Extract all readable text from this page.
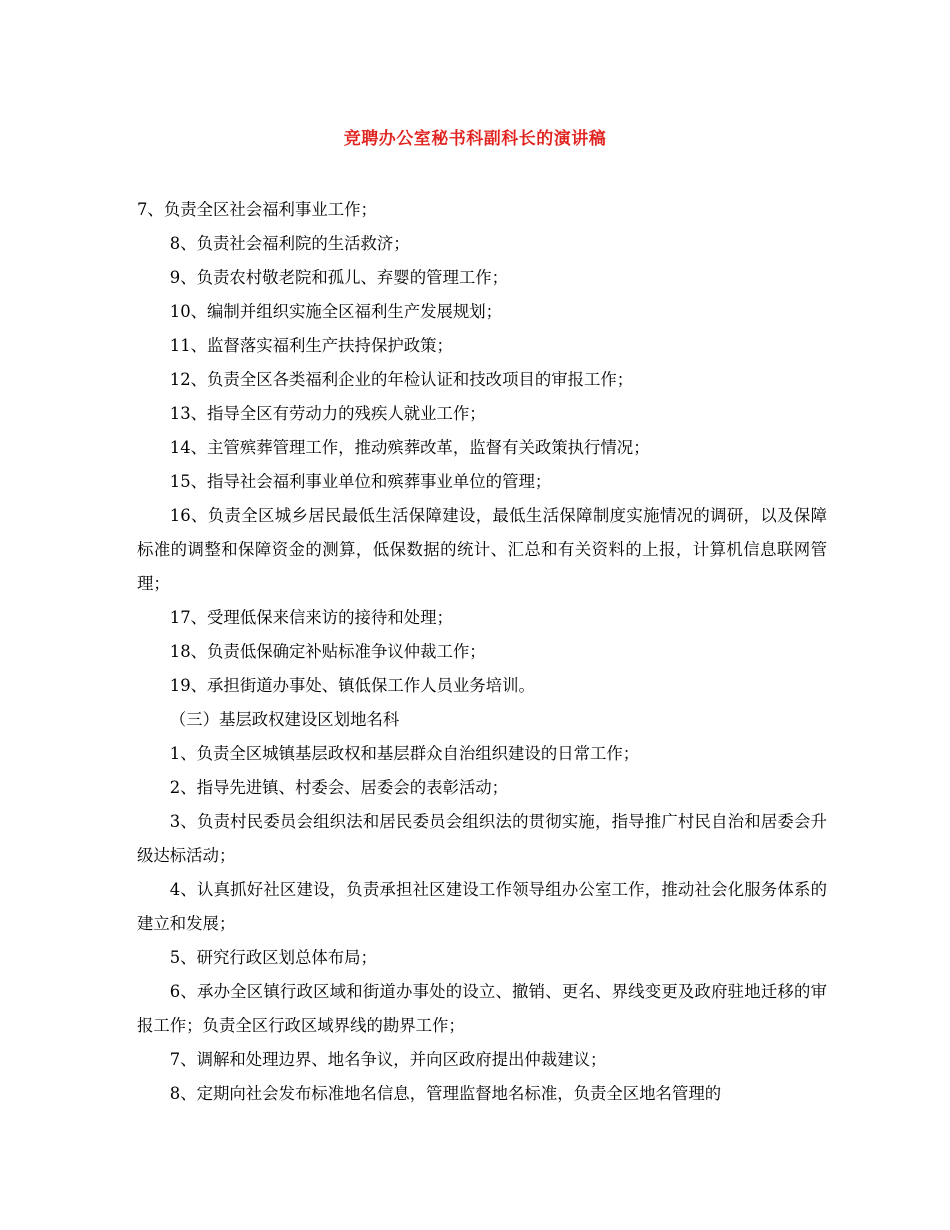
竞聘办公室秘书科副科长的演讲稿

7、负责全区社会福利事业工作；

8、负责社会福利院的生活救济；

9、负责农村敬老院和孤儿、弃婴的管理工作；

10、编制并组织实施全区福利生产发展规划；

11、监督落实福利生产扶持保护政策；

12、负责全区各类福利企业的年检认证和技改项目的审报工作；

13、指导全区有劳动力的残疾人就业工作；

14、主管殡葬管理工作，推动殡葬改革，监督有关政策执行情况；

15、指导社会福利事业单位和殡葬事业单位的管理；

16、负责全区城乡居民最低生活保障建设，最低生活保障制度实施情况的调研，以及保障标准的调整和保障资金的测算，低保数据的统计、汇总和有关资料的上报，计算机信息联网管理；

17、受理低保来信来访的接待和处理；

18、负责低保确定补贴标准争议仲裁工作；

19、承担街道办事处、镇低保工作人员业务培训。

（三）基层政权建设区划地名科

1、负责全区城镇基层政权和基层群众自治组织建设的日常工作；

2、指导先进镇、村委会、居委会的表彰活动；

3、负责村民委员会组织法和居民委员会组织法的贯彻实施，指导推广村民自治和居委会升级达标活动；

4、认真抓好社区建设，负责承担社区建设工作领导组办公室工作，推动社会化服务体系的建立和发展；

5、研究行政区划总体布局；

6、承办全区镇行政区域和街道办事处的设立、撤销、更名、界线变更及政府驻地迁移的审报工作；负责全区行政区域界线的勘界工作；

7、调解和处理边界、地名争议，并向区政府提出仲裁建议；

8、定期向社会发布标准地名信息，管理监督地名标准，负责全区地名管理的
